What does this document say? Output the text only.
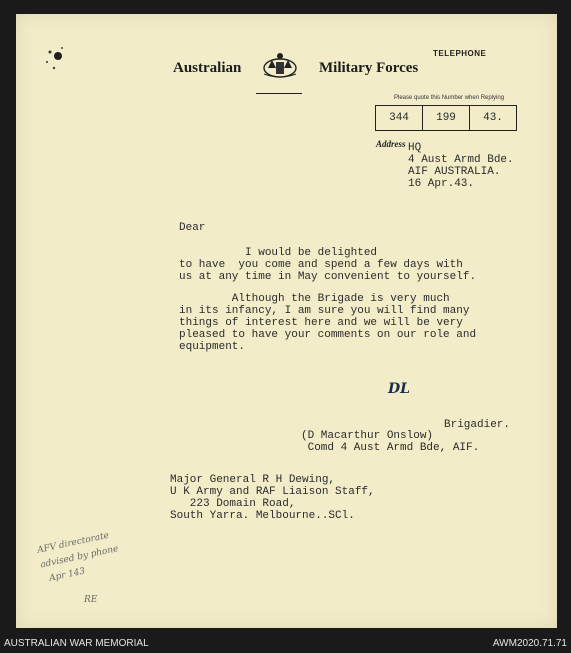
Australian	Military Forces
TELEPHONE
Please quote this Number when Replying
344	199	43.
Address HQ
4 Aust Armd Bde.
AIF AUSTRALIA.
16 Apr.43.
Dear
I would be delighted
to have  you come and spend a few days with
us at any time in May convenient to yourself.
Although the Brigade is very much
in its infancy, I am sure you will find many
things of interest here and we will be very
pleased to have your comments on our role and
equipment.
DL
Brigadier.
(D Macarthur Onslow)
Comd 4 Aust Armd Bde, AIF.
Major General R H Dewing,
U K Army and RAF Liaison Staff,
223 Domain Road,
South Yarra. Melbourne..SCl.
AFV directorate
advised by phone
Apr 143
RE
AUSTRALIAN WAR MEMORIAL	AWM2020.71.71
